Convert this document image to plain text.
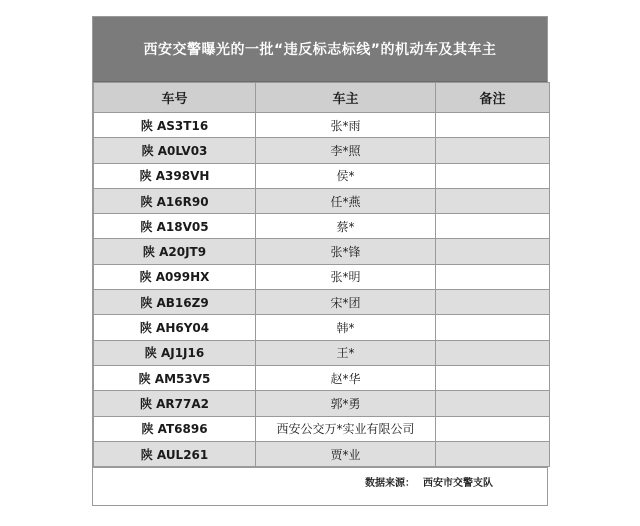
西安交警曝光的一批“违反标志标线”的机动车及其车主
车号	车主	备注
陕 AS3T16	张*雨	
陕 A0LV03	李*照	
陕 A398VH	侯*	
陕 A16R90	任*燕	
陕 A18V05	蔡*	
陕 A20JT9	张*锋	
陕 A099HX	张*明	
陕 AB16Z9	宋*团	
陕 AH6Y04	韩*	
陕 AJ1J16	王*	
陕 AM53V5	赵*华	
陕 AR77A2	郭*勇	
陕 AT6896	西安公交万*实业有限公司	
陕 AUL261	贾*业	
数据来源： 西安市交警支队
